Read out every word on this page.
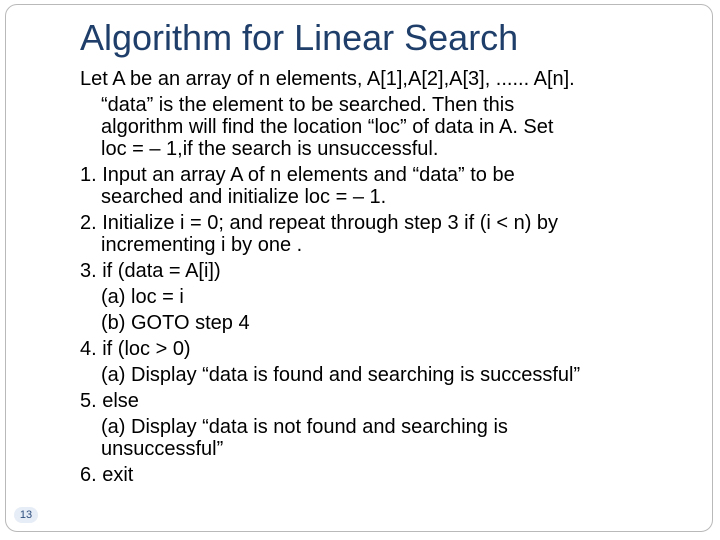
Algorithm for Linear Search
Let A be an array of n elements, A[1],A[2],A[3], ...... A[n].
“data” is the element to be searched. Then this
algorithm will find the location “loc” of data in A. Set
loc = – 1,if the search is unsuccessful.
1. Input an array A of n elements and “data” to be
searched and initialize loc = – 1.
2. Initialize i = 0; and repeat through step 3 if (i < n) by
incrementing i by one .
3. if (data = A[i])
(a) loc = i
(b) GOTO step 4
4. if (loc > 0)
(a) Display “data is found and searching is successful”
5. else
(a) Display “data is not found and searching is
unsuccessful”
6. exit
13
